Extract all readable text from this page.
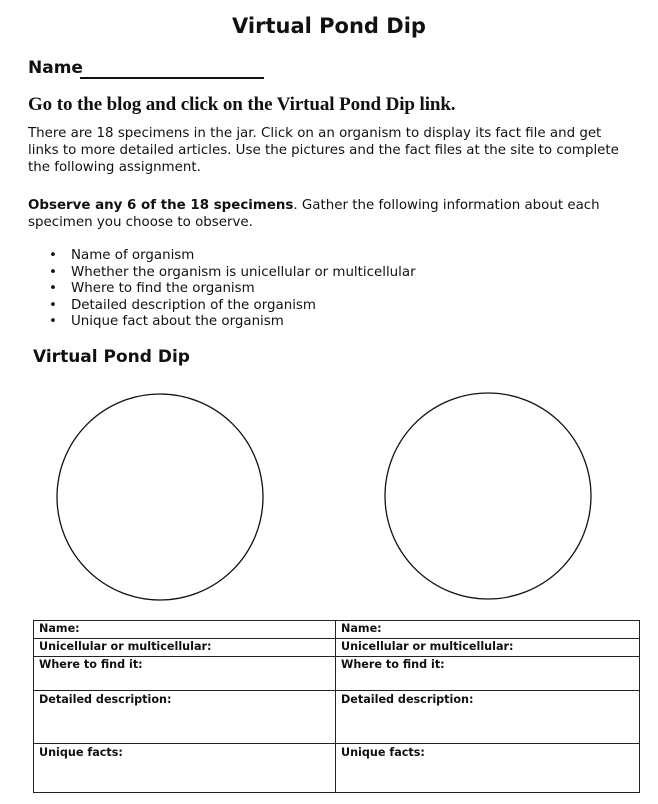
Virtual Pond Dip
Name
Go to the blog and click on the Virtual Pond Dip link.
There are 18 specimens in the jar. Click on an organism to display its fact file and get links to more detailed articles. Use the pictures and the fact files at the site to complete the following assignment.
Observe any 6 of the 18 specimens. Gather the following information about each specimen you choose to observe.
• Name of organism
• Whether the organism is unicellular or multicellular
• Where to find the organism
• Detailed description of the organism
• Unique fact about the organism
Virtual Pond Dip
Name:	Name:
Unicellular or multicellular:	Unicellular or multicellular:
Where to find it:	Where to find it:
Detailed description:	Detailed description:
Unique facts:	Unique facts:
